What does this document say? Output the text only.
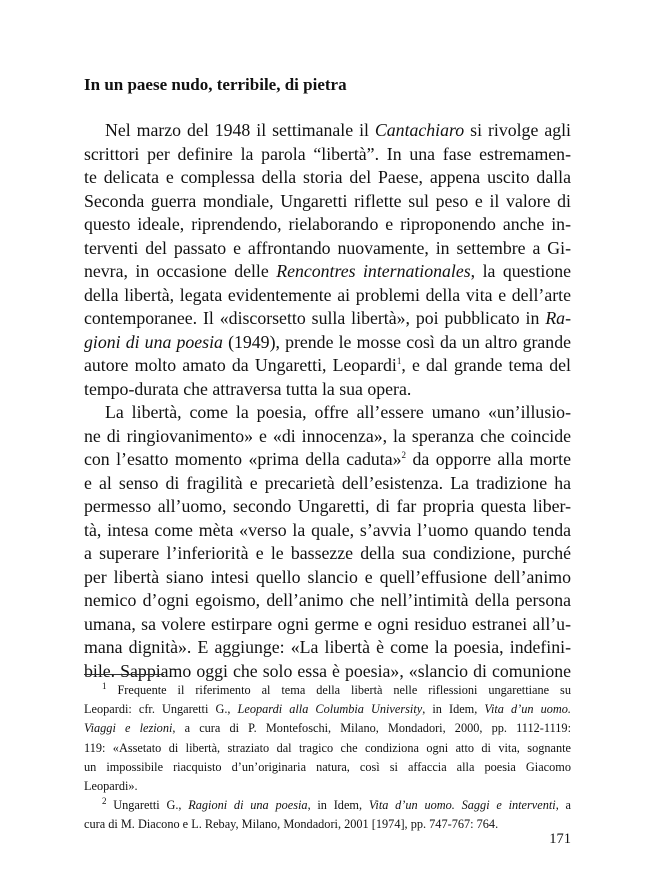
In un paese nudo, terribile, di pietra
Nel marzo del 1948 il settimanale il Cantachiaro si rivolge agli
scrittori per definire la parola “libertà”. In una fase estremamen-
te delicata e complessa della storia del Paese, appena uscito dalla
Seconda guerra mondiale, Ungaretti riflette sul peso e il valore di
questo ideale, riprendendo, rielaborando e riproponendo anche in-
terventi del passato e affrontando nuovamente, in settembre a Gi-
nevra, in occasione delle Rencontres internationales, la questione
della libertà, legata evidentemente ai problemi della vita e dell’arte
contemporanee. Il «discorsetto sulla libertà», poi pubblicato in Ra-
gioni di una poesia (1949), prende le mosse così da un altro grande
autore molto amato da Ungaretti, Leopardi$^1$, e dal grande tema del
tempo-durata che attraversa tutta la sua opera.
La libertà, come la poesia, offre all’essere umano «un’illusio-
ne di ringiovanimento» e «di innocenza», la speranza che coincide
con l’esatto momento «prima della caduta»$^2$ da opporre alla morte
e al senso di fragilità e precarietà dell’esistenza. La tradizione ha
permesso all’uomo, secondo Ungaretti, di far propria questa liber-
tà, intesa come mèta «verso la quale, s’avvia l’uomo quando tenda
a superare l’inferiorità e le bassezze della sua condizione, purché
per libertà siano intesi quello slancio e quell’effusione dell’animo
nemico d’ogni egoismo, dell’animo che nell’intimità della persona
umana, sa volere estirpare ogni germe e ogni residuo estranei all’u-
mana dignità». E aggiunge: «La libertà è come la poesia, indefini-
bile. Sappiamo oggi che solo essa è poesia», «slancio di comunione
$^1$ Frequente il riferimento al tema della libertà nelle riflessioni ungarettiane su
Leopardi: cfr. Ungaretti G., Leopardi alla Columbia University, in Idem, Vita d’un uomo.
Viaggi e lezioni, a cura di P. Montefoschi, Milano, Mondadori, 2000, pp. 1112-1119:
119: «Assetato di libertà, straziato dal tragico che condiziona ogni atto di vita, sognante
un impossibile riacquisto d’un’originaria natura, così si affaccia alla poesia Giacomo
Leopardi».
$^2$ Ungaretti G., Ragioni di una poesia, in Idem, Vita d’un uomo. Saggi e interventi, a
cura di M. Diacono e L. Rebay, Milano, Mondadori, 2001 [1974], pp. 747-767: 764.
171
